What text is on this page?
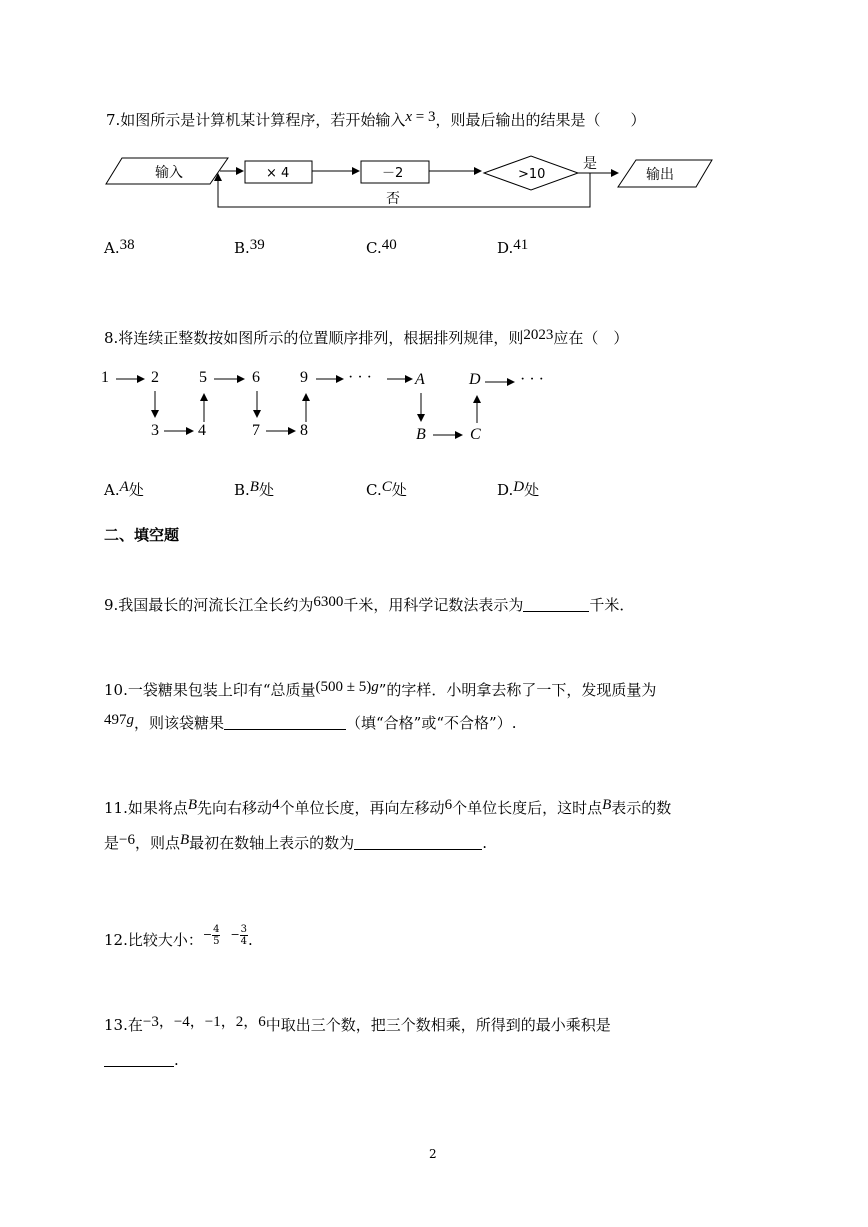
7.如图所示是计算机某计算程序，若开始输入x = 3，则最后输出的结果是（　　）
输入	× 4	－2	>10
是
输出
否
A.38	B.39	C.40	D.41
8.将连续正整数按如图所示的位置顺序排列，根据排列规律，则2023应在（　）
1	2
3 4
5	6
7	8
9	· · ·	A
B	C
D · · ·
A.A处	B.B处	C.C处	D.D处
二、填空题
9.我国最长的河流长江全长约为6300千米，用科学记数法表示为	千米．
10.一袋糖果包装上印有“总质量(500 ± 5)g”的字样．小明拿去称了一下，发现质量为
497g，则该袋糖果	（填“合格”或“不合格”）.
11.如果将点B先向右移动4个单位长度，再向左移动6个单位长度后，这时点B表示的数
是−6，则点B最初在数轴上表示的数为	.
12.比较大小：− $\frac{4}{5} - \frac{3}{4}$ .
13.在−3，−4，−1，2，6中取出三个数，把三个数相乘，所得到的最小乘积是
.
2
